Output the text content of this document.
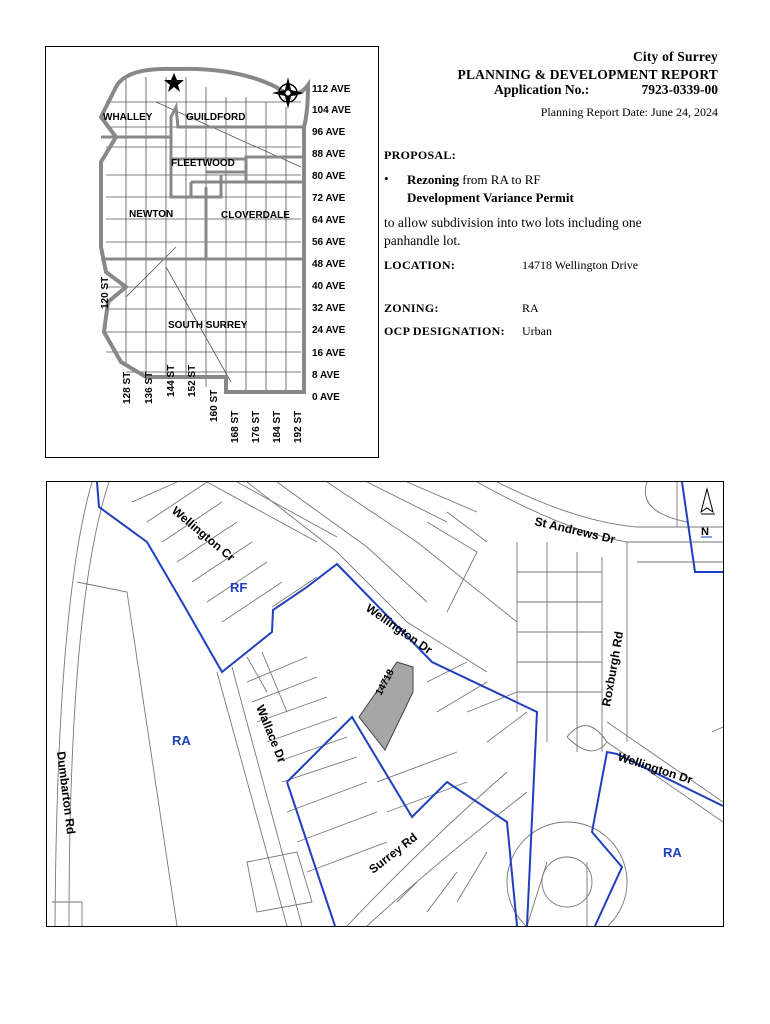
WHALLEY	GUILDFORD
FLEETWOOD
NEWTON	CLOVERDALE
SOUTH SURREY
112 AVE
104 AVE
96 AVE
88 AVE
80 AVE
72 AVE
64 AVE
56 AVE
48 AVE
40 AVE
32 AVE
24 AVE
16 AVE
8 AVE
0 AVE
120 ST
128 ST 136 ST 144 ST 152 ST
160 ST
168 ST 176 ST 184 ST 192 ST
City of Surrey
PLANNING & DEVELOPMENT REPORT
Application No.:	7923-0339-00
Planning Report Date: June 24, 2024
PROPOSAL:
• Rezoning from RA to RF
Development Variance Permit
to allow subdivision into two lots including one panhandle lot.
LOCATION:	14718 Wellington Drive
ZONING:	RA
OCP DESIGNATION: Urban
N
Wellington Cr
Wellington Dr
St Andrews Dr
Roxburgh Rd
Wallace Dr
Dumbarton Rd
Surrey Rd
Wellington Dr
RF
RA
RA
14718
